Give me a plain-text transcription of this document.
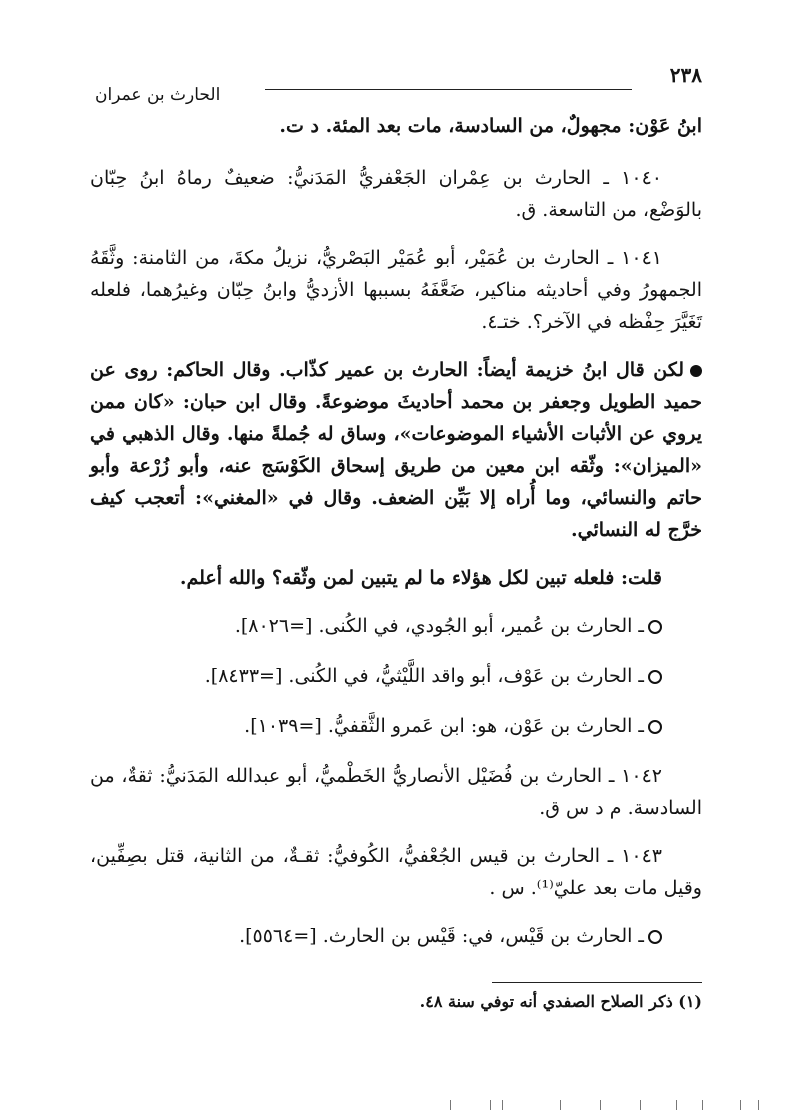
٢٣٨
الحارث بن عمران

ابنُ عَوْن: مجهولٌ، من السادسة، مات بعد المئة. د ت.

١٠٤٠ ـ الحارث بن عِمْران الجَعْفريُّ المَدَنيُّ: ضعيفٌ رماهُ ابنُ حِبّان بالوَضْع، من التاسعة. ق.

١٠٤١ ـ الحارث بن عُمَيْر، أبو عُمَيْر البَصْريُّ، نزيلُ مكةَ، من الثامنة: وثَّقَهُ الجمهورُ وفي أحاديثه مناكير، ضَعَّفَهُ بسببها الأزديُّ وابنُ حِبّان وغيرُهما، فلعله تَغَيَّرَ حِفْظه في الآخر؟. ختـ٤.

لكن قال ابنُ خزيمة أيضاً: الحارث بن عمير كذّاب. وقال الحاكم: روى عن حميد الطويل وجعفر بن محمد أحاديثَ موضوعةً. وقال ابن حبان: «كان ممن يروي عن الأثبات الأشياء الموضوعات»، وساق له جُملةً منها. وقال الذهبي في «الميزان»: وثّقه ابن معين من طريق إسحاق الكَوْسَج عنه، وأبو زُرْعة وأبو حاتم والنسائي، وما أُراه إلا بَيِّن الضعف. وقال في «المغني»: أتعجب كيف خرَّج له النسائي.

قلت: فلعله تبين لكل هؤلاء ما لم يتبين لمن وثّقه؟ والله أعلم.

ـ الحارث بن عُمير، أبو الجُودي، في الكُنى. [=٨٠٢٦].

ـ الحارث بن عَوْف، أبو واقد اللَّيْثيُّ، في الكُنى. [=٨٤٣٣].

ـ الحارث بن عَوْن، هو: ابن عَمرو الثَّقفيُّ. [=١٠٣٩].

١٠٤٢ ـ الحارث بن فُضَيْل الأنصاريُّ الخَطْميُّ، أبو عبدالله المَدَنيُّ: ثقةٌ، من السادسة. م د س ق.

١٠٤٣ ـ الحارث بن قيس الجُعْفيُّ، الكُوفيُّ: ثقـةٌ، من الثانية، قتل بصِفِّين، وقيل مات بعد عليّ⁽¹⁾. س .

ـ الحارث بن قَيْس، في: قَيْس بن الحارث. [=٥٥٦٤].

(١) ذكر الصلاح الصفدي أنه توفي سنة ٤٨.
